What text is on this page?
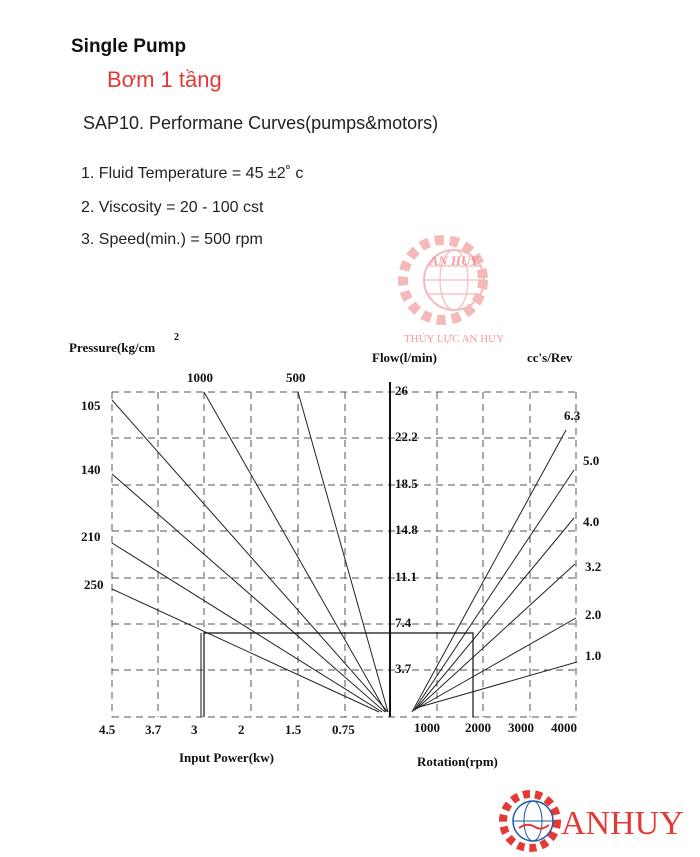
Single Pump
Bơm 1 tầng
SAP10. Performane Curves(pumps&motors)
1. Fluid Temperature = 45 ±2˚ c
2. Viscosity = 20 - 100 cst
3. Speed(min.) = 500 rpm
AN HUY
THỦY LỰC AN HUY
Pressure(kg/cm
2
Flow(l/min)	cc's/Rev
Input Power(kw)	Rotation(rpm)
26
22.2
18.5
14.8
11.1
7.4
3.7
1000 2000 3000 4000
6.3
5.0
4.0
3.2
2.0
1.0
105
140
210
250
1000	500
4.5 3.7 3	2	1.5 0.75
ANHUY
